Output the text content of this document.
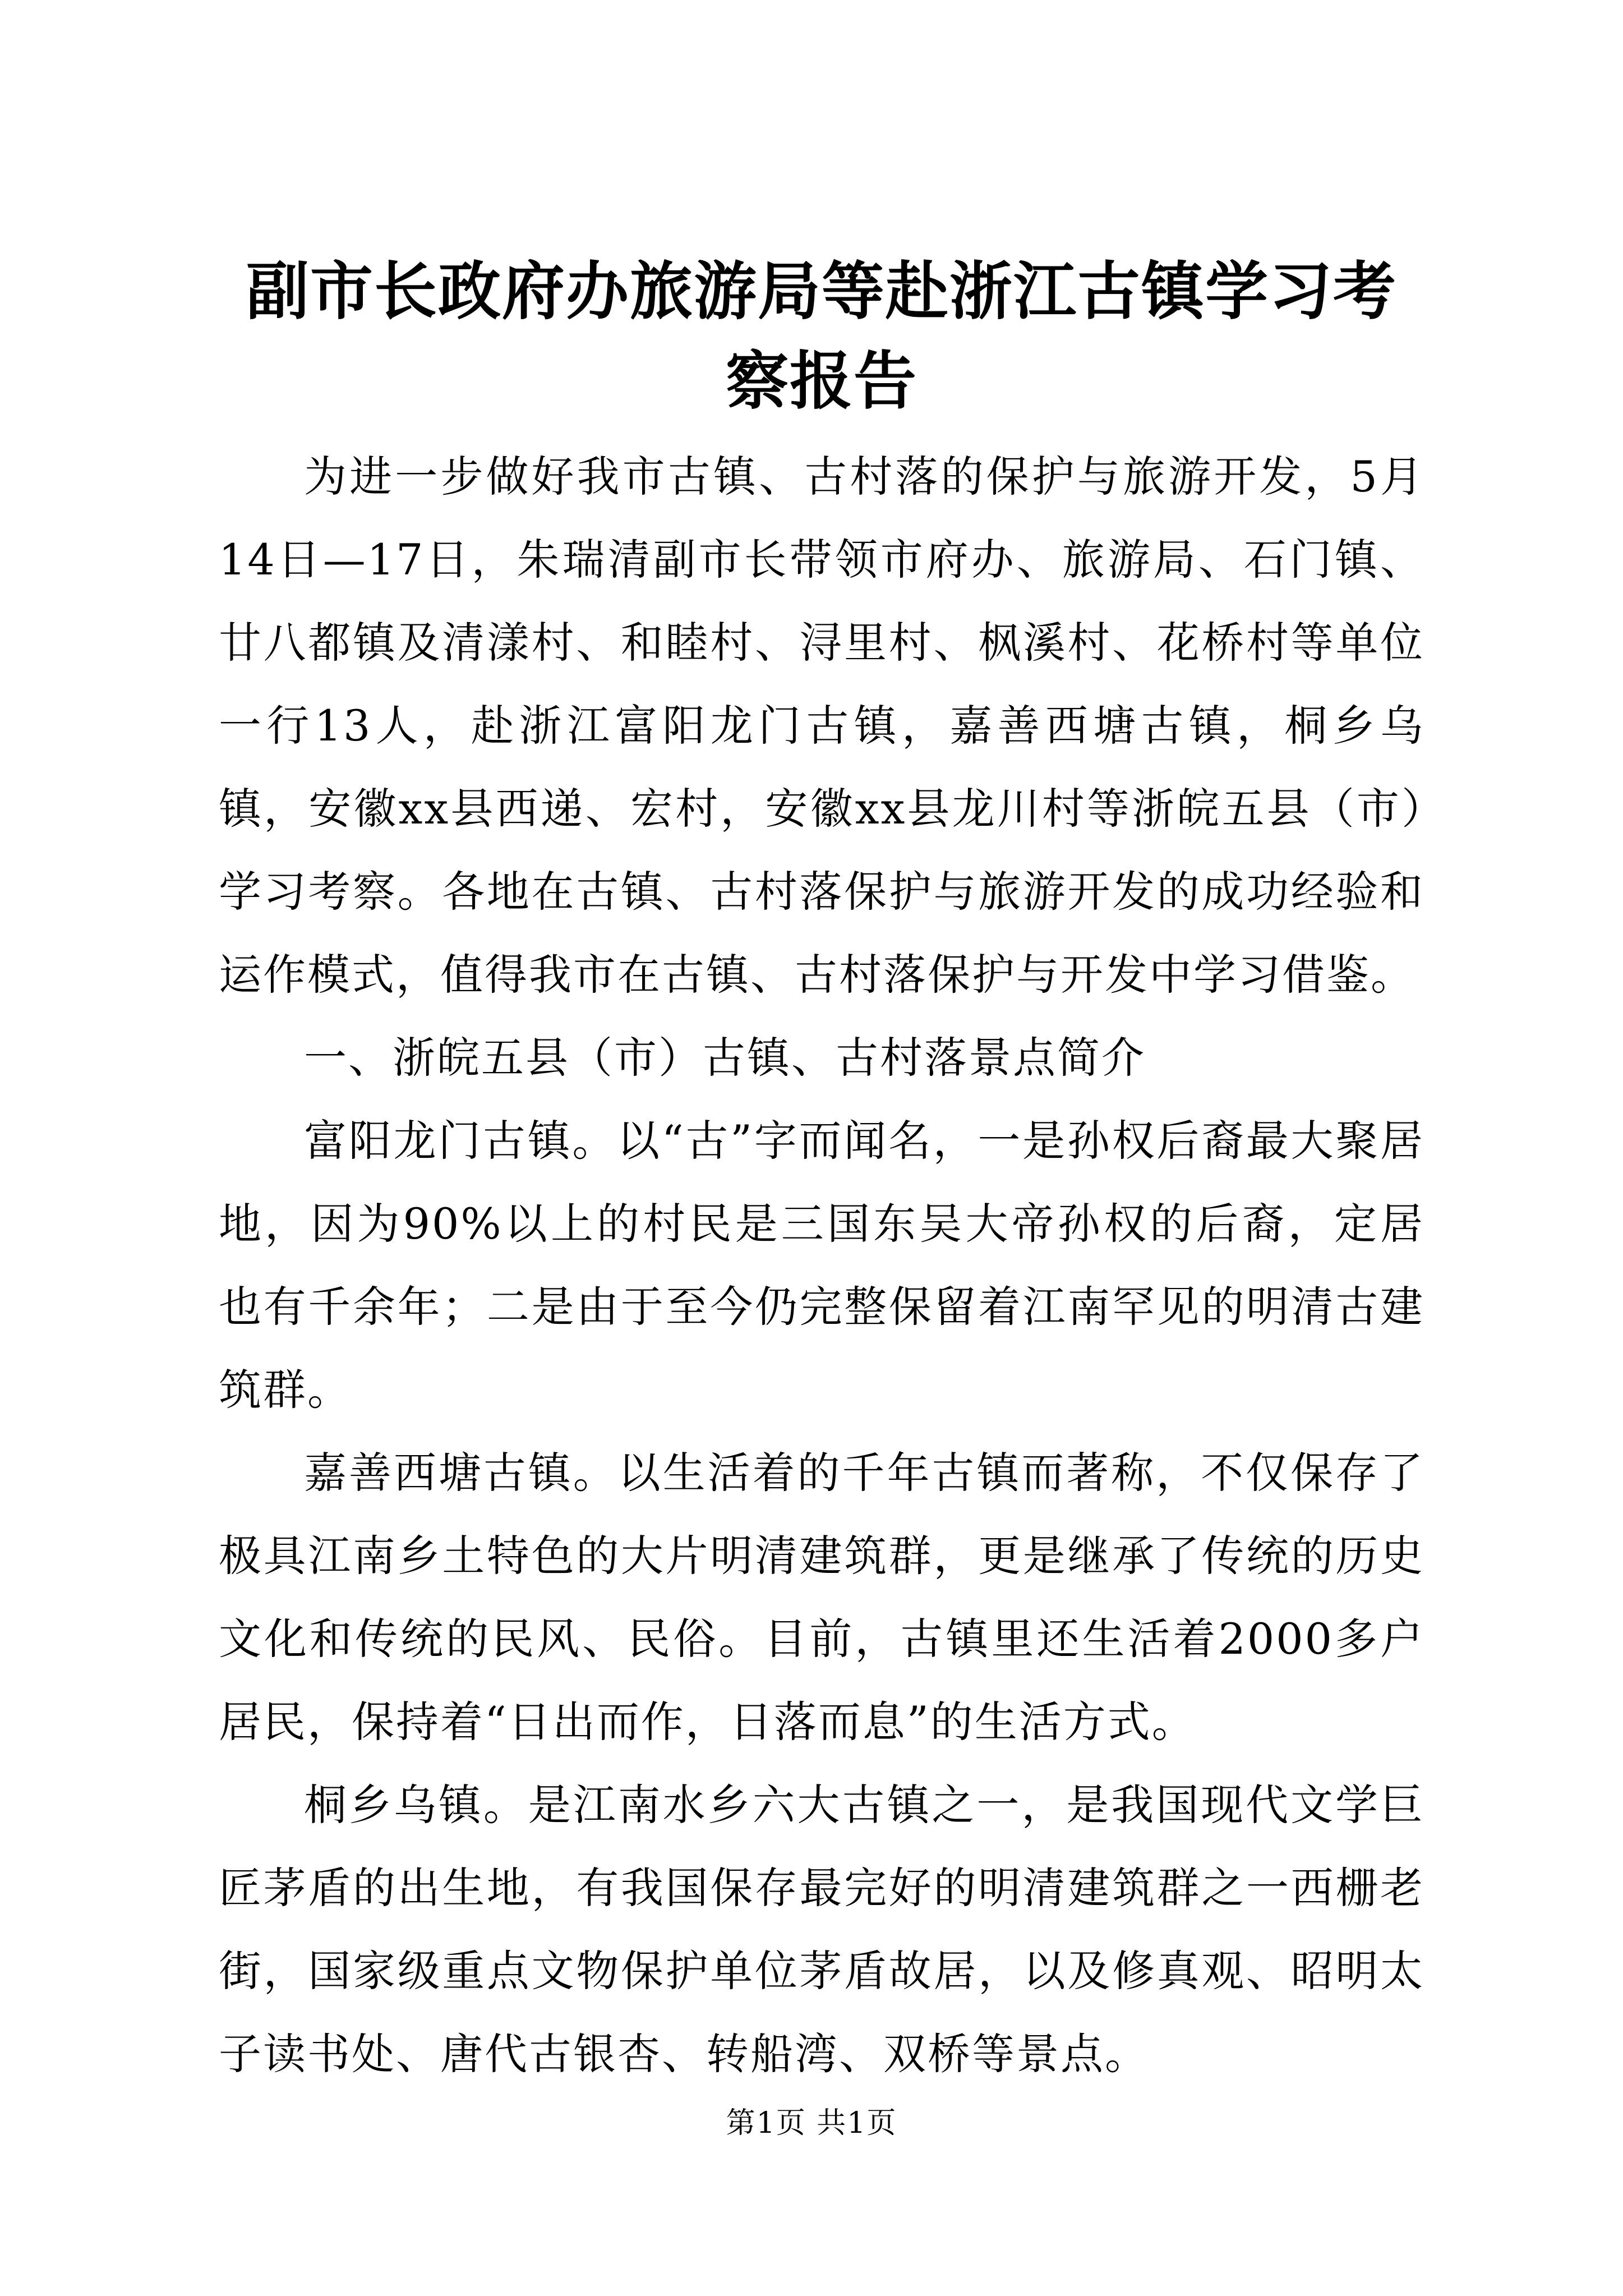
副市长政府办旅游局等赴浙江古镇学习考察报告

为进一步做好我市古镇、古村落的保护与旅游开发，5月14日—17日，朱瑞清副市长带领市府办、旅游局、石门镇、廿八都镇及清漾村、和睦村、浔里村、枫溪村、花桥村等单位一行13人，赴浙江富阳龙门古镇，嘉善西塘古镇，桐乡乌镇，安徽xx县西递、宏村，安徽xx县龙川村等浙皖五县（市）学习考察。各地在古镇、古村落保护与旅游开发的成功经验和运作模式，值得我市在古镇、古村落保护与开发中学习借鉴。

一、浙皖五县（市）古镇、古村落景点简介

富阳龙门古镇。以“古”字而闻名，一是孙权后裔最大聚居地，因为90%以上的村民是三国东吴大帝孙权的后裔，定居也有千余年；二是由于至今仍完整保留着江南罕见的明清古建筑群。

嘉善西塘古镇。以生活着的千年古镇而著称，不仅保存了极具江南乡土特色的大片明清建筑群，更是继承了传统的历史文化和传统的民风、民俗。目前，古镇里还生活着2000多户居民，保持着“日出而作，日落而息”的生活方式。

桐乡乌镇。是江南水乡六大古镇之一，是我国现代文学巨匠茅盾的出生地，有我国保存最完好的明清建筑群之一西栅老街，国家级重点文物保护单位茅盾故居，以及修真观、昭明太子读书处、唐代古银杏、转船湾、双桥等景点。

第1页 共1页
